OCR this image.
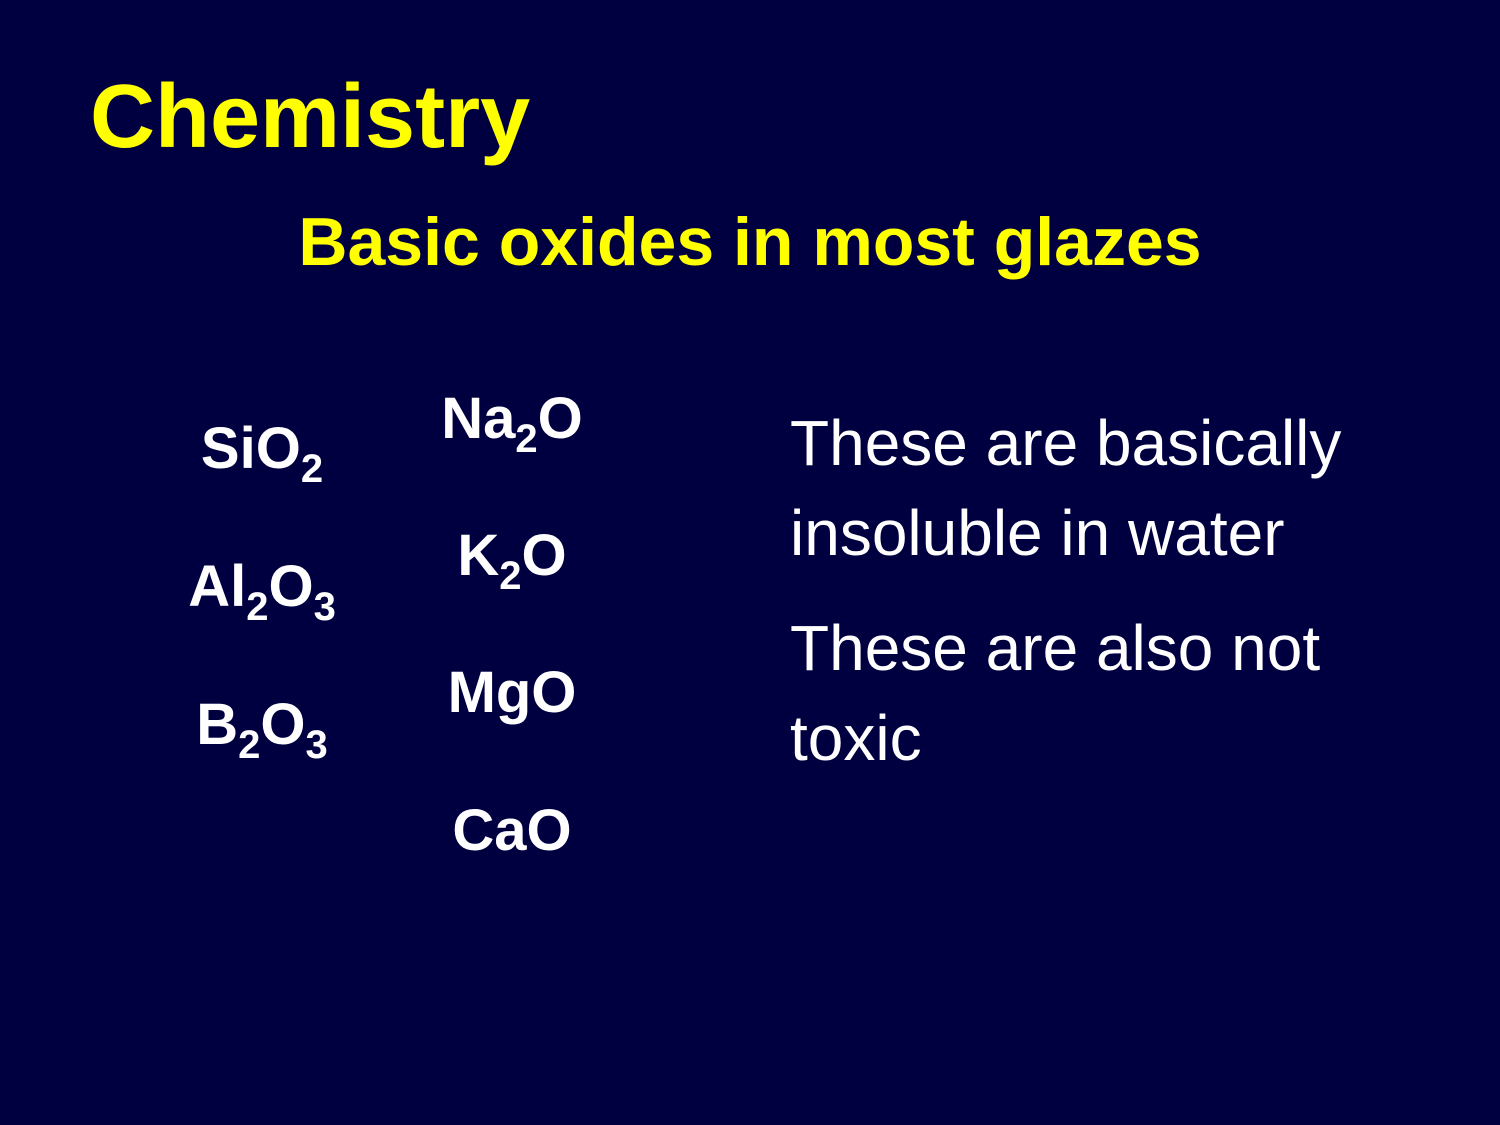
Chemistry
Basic oxides in most glazes
SiO$_2$
$Al_2O_3$
$B_2O_3$
$Na_2O$
$K_2O$
MgO
CaO
These are basically insoluble in water
These are also not toxic
